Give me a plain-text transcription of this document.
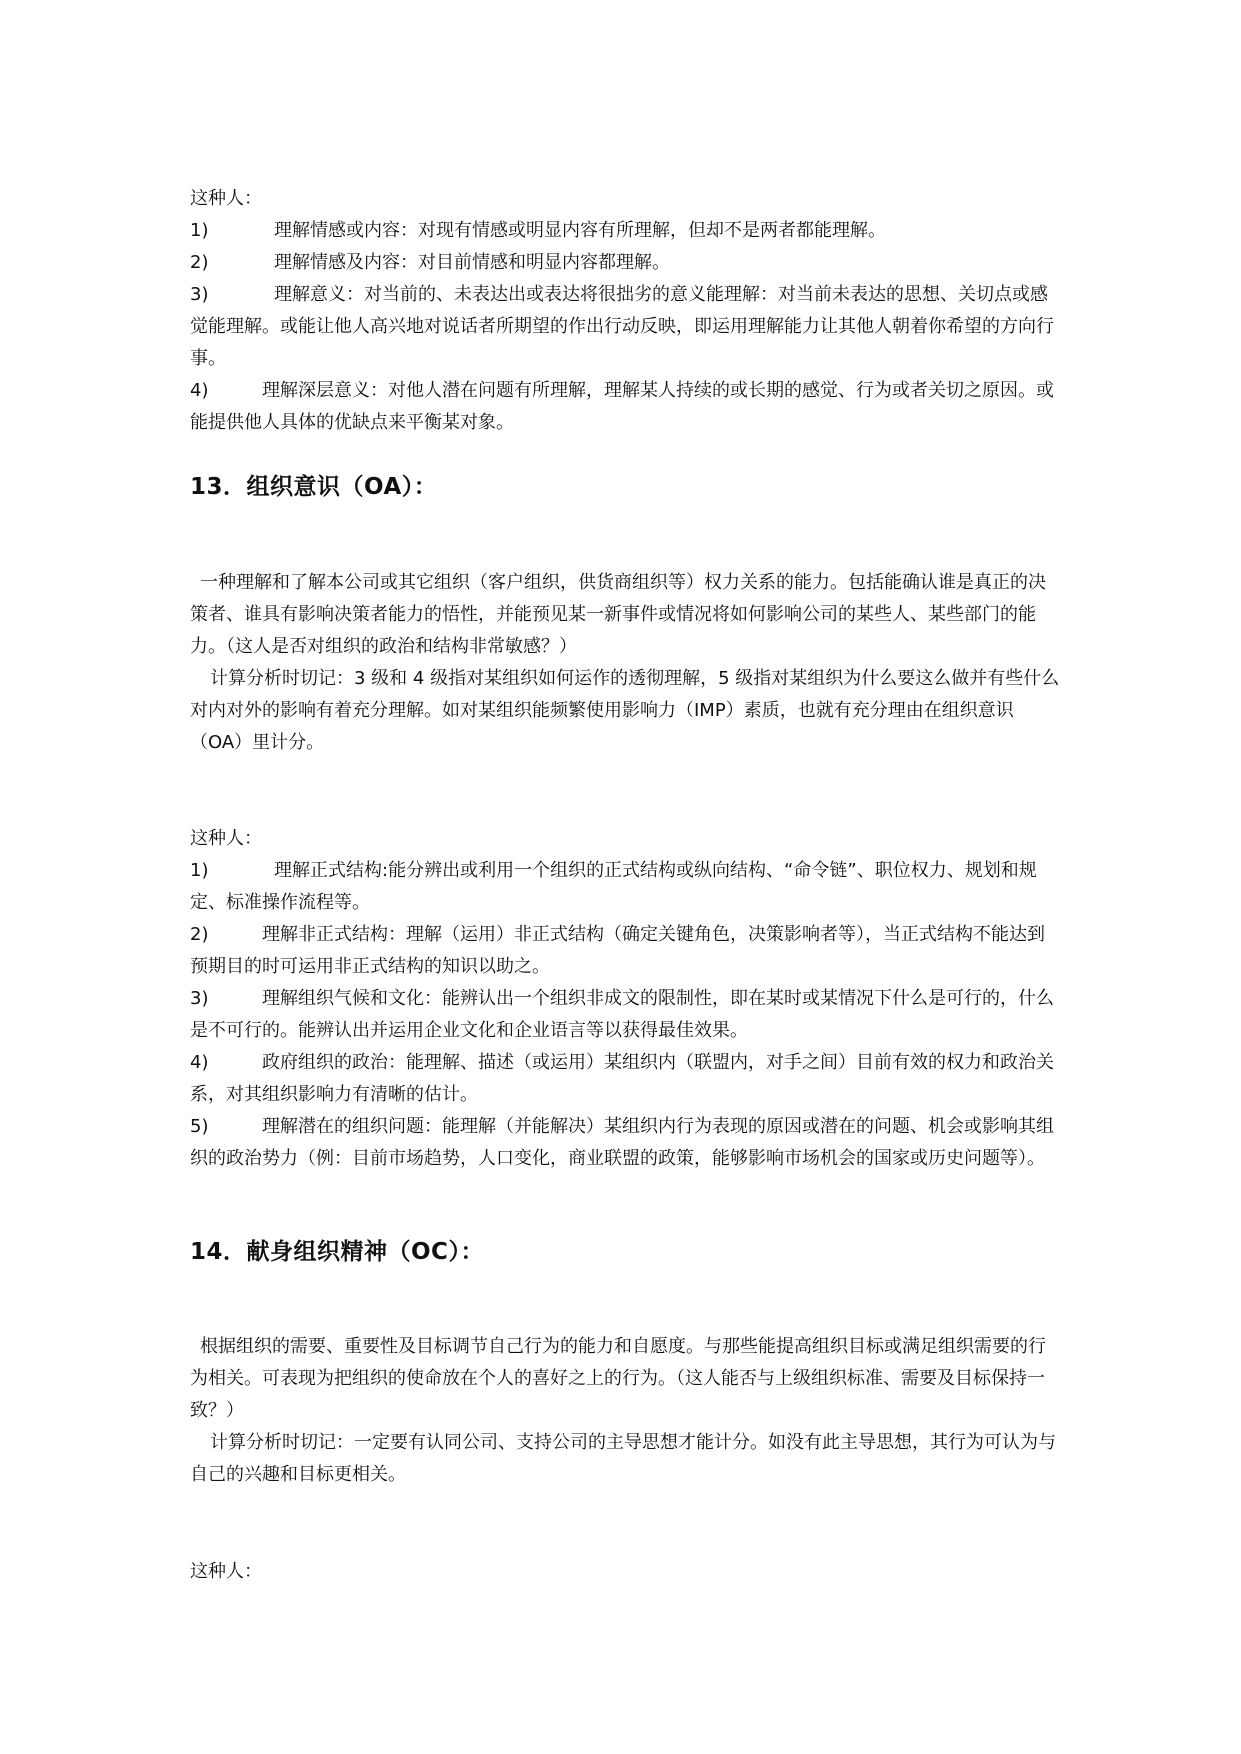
这种人：
1)	理解情感或内容：对现有情感或明显内容有所理解，但却不是两者都能理解。
2)	理解情感及内容：对目前情感和明显内容都理解。
3)	理解意义：对当前的、未表达出或表达将很拙劣的意义能理解：对当前未表达的思想、关切点或感觉能理解。或能让他人高兴地对说话者所期望的作出行动反映，即运用理解能力让其他人朝着你希望的方向行事。
4)	理解深层意义：对他人潜在问题有所理解，理解某人持续的或长期的感觉、行为或者关切之原因。或能提供他人具体的优缺点来平衡某对象。
13．组织意识（OA）：

一种理解和了解本公司或其它组织（客户组织，供货商组织等）权力关系的能力。包括能确认谁是真正的决策者、谁具有影响决策者能力的悟性，并能预见某一新事件或情况将如何影响公司的某些人、某些部门的能力。（这人是否对组织的政治和结构非常敏感？）

计算分析时切记：3 级和 4 级指对某组织如何运作的透彻理解，5 级指对某组织为什么要这么做并有些什么对内对外的影响有着充分理解。如对某组织能频繁使用影响力（IMP）素质，也就有充分理由在组织意识（OA）里计分。

这种人：
1)	理解正式结构:能分辨出或利用一个组织的正式结构或纵向结构、“命令链”、职位权力、规划和规定、标准操作流程等。
2)	理解非正式结构：理解（运用）非正式结构（确定关键角色，决策影响者等），当正式结构不能达到预期目的时可运用非正式结构的知识以助之。
3)	理解组织气候和文化：能辨认出一个组织非成文的限制性，即在某时或某情况下什么是可行的，什么是不可行的。能辨认出并运用企业文化和企业语言等以获得最佳效果。
4)	政府组织的政治：能理解、描述（或运用）某组织内（联盟内，对手之间）目前有效的权力和政治关系，对其组织影响力有清晰的估计。
5)	理解潜在的组织问题：能理解（并能解决）某组织内行为表现的原因或潜在的问题、机会或影响其组织的政治势力（例：目前市场趋势，人口变化，商业联盟的政策，能够影响市场机会的国家或历史问题等）。
14．献身组织精神（OC）：

根据组织的需要、重要性及目标调节自己行为的能力和自愿度。与那些能提高组织目标或满足组织需要的行为相关。可表现为把组织的使命放在个人的喜好之上的行为。（这人能否与上级组织标准、需要及目标保持一致？）

计算分析时切记：一定要有认同公司、支持公司的主导思想才能计分。如没有此主导思想，其行为可认为与自己的兴趣和目标更相关。

这种人：
